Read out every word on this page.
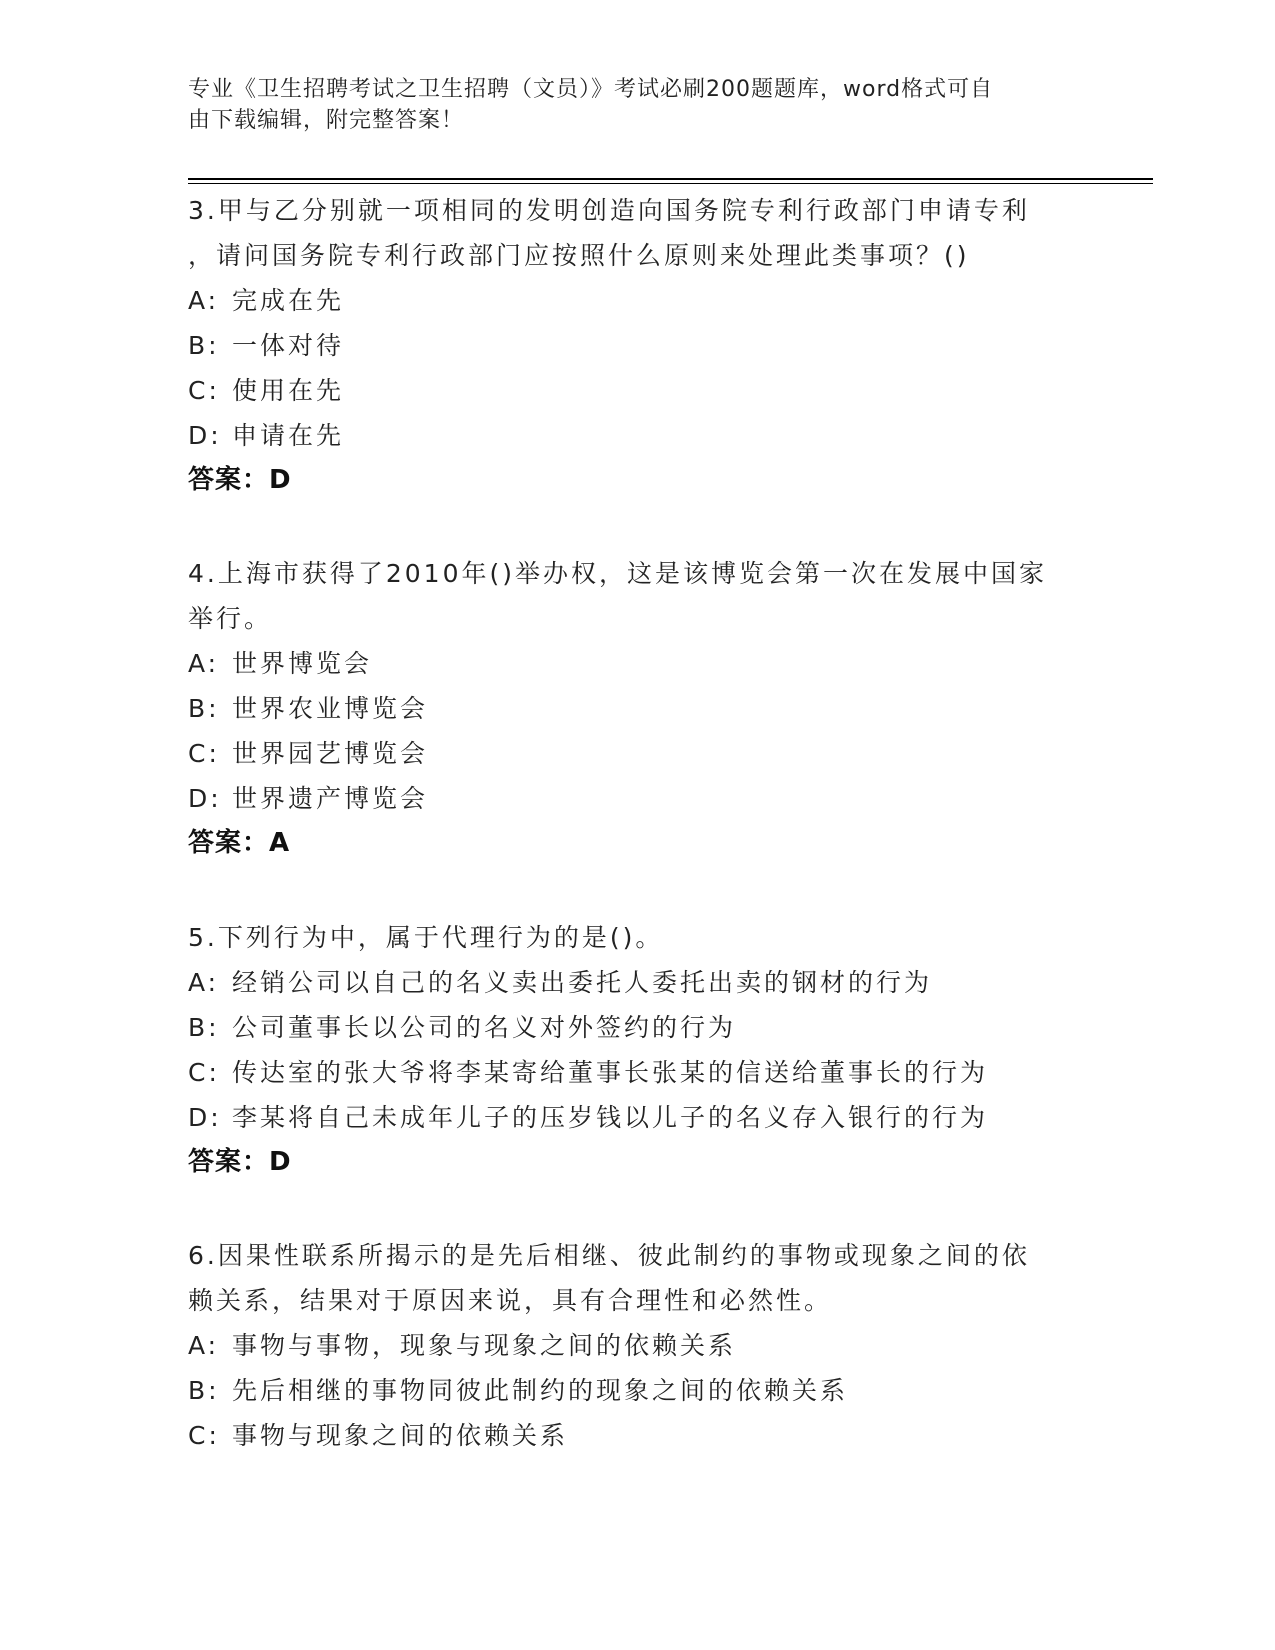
专业《卫生招聘考试之卫生招聘（文员）》考试必刷200题题库，word格式可自
由下载编辑，附完整答案！
3.甲与乙分别就一项相同的发明创造向国务院专利行政部门申请专利
，请问国务院专利行政部门应按照什么原则来处理此类事项？()
A: 完成在先
B: 一体对待
C: 使用在先
D: 申请在先
答案：D
4.上海市获得了2010年()举办权，这是该博览会第一次在发展中国家
举行。
A: 世界博览会
B: 世界农业博览会
C: 世界园艺博览会
D: 世界遗产博览会
答案：A
5.下列行为中，属于代理行为的是()。
A: 经销公司以自己的名义卖出委托人委托出卖的钢材的行为
B: 公司董事长以公司的名义对外签约的行为
C: 传达室的张大爷将李某寄给董事长张某的信送给董事长的行为
D: 李某将自己未成年儿子的压岁钱以儿子的名义存入银行的行为
答案：D
6.因果性联系所揭示的是先后相继、彼此制约的事物或现象之间的依
赖关系，结果对于原因来说，具有合理性和必然性。
A: 事物与事物，现象与现象之间的依赖关系
B: 先后相继的事物同彼此制约的现象之间的依赖关系
C: 事物与现象之间的依赖关系
